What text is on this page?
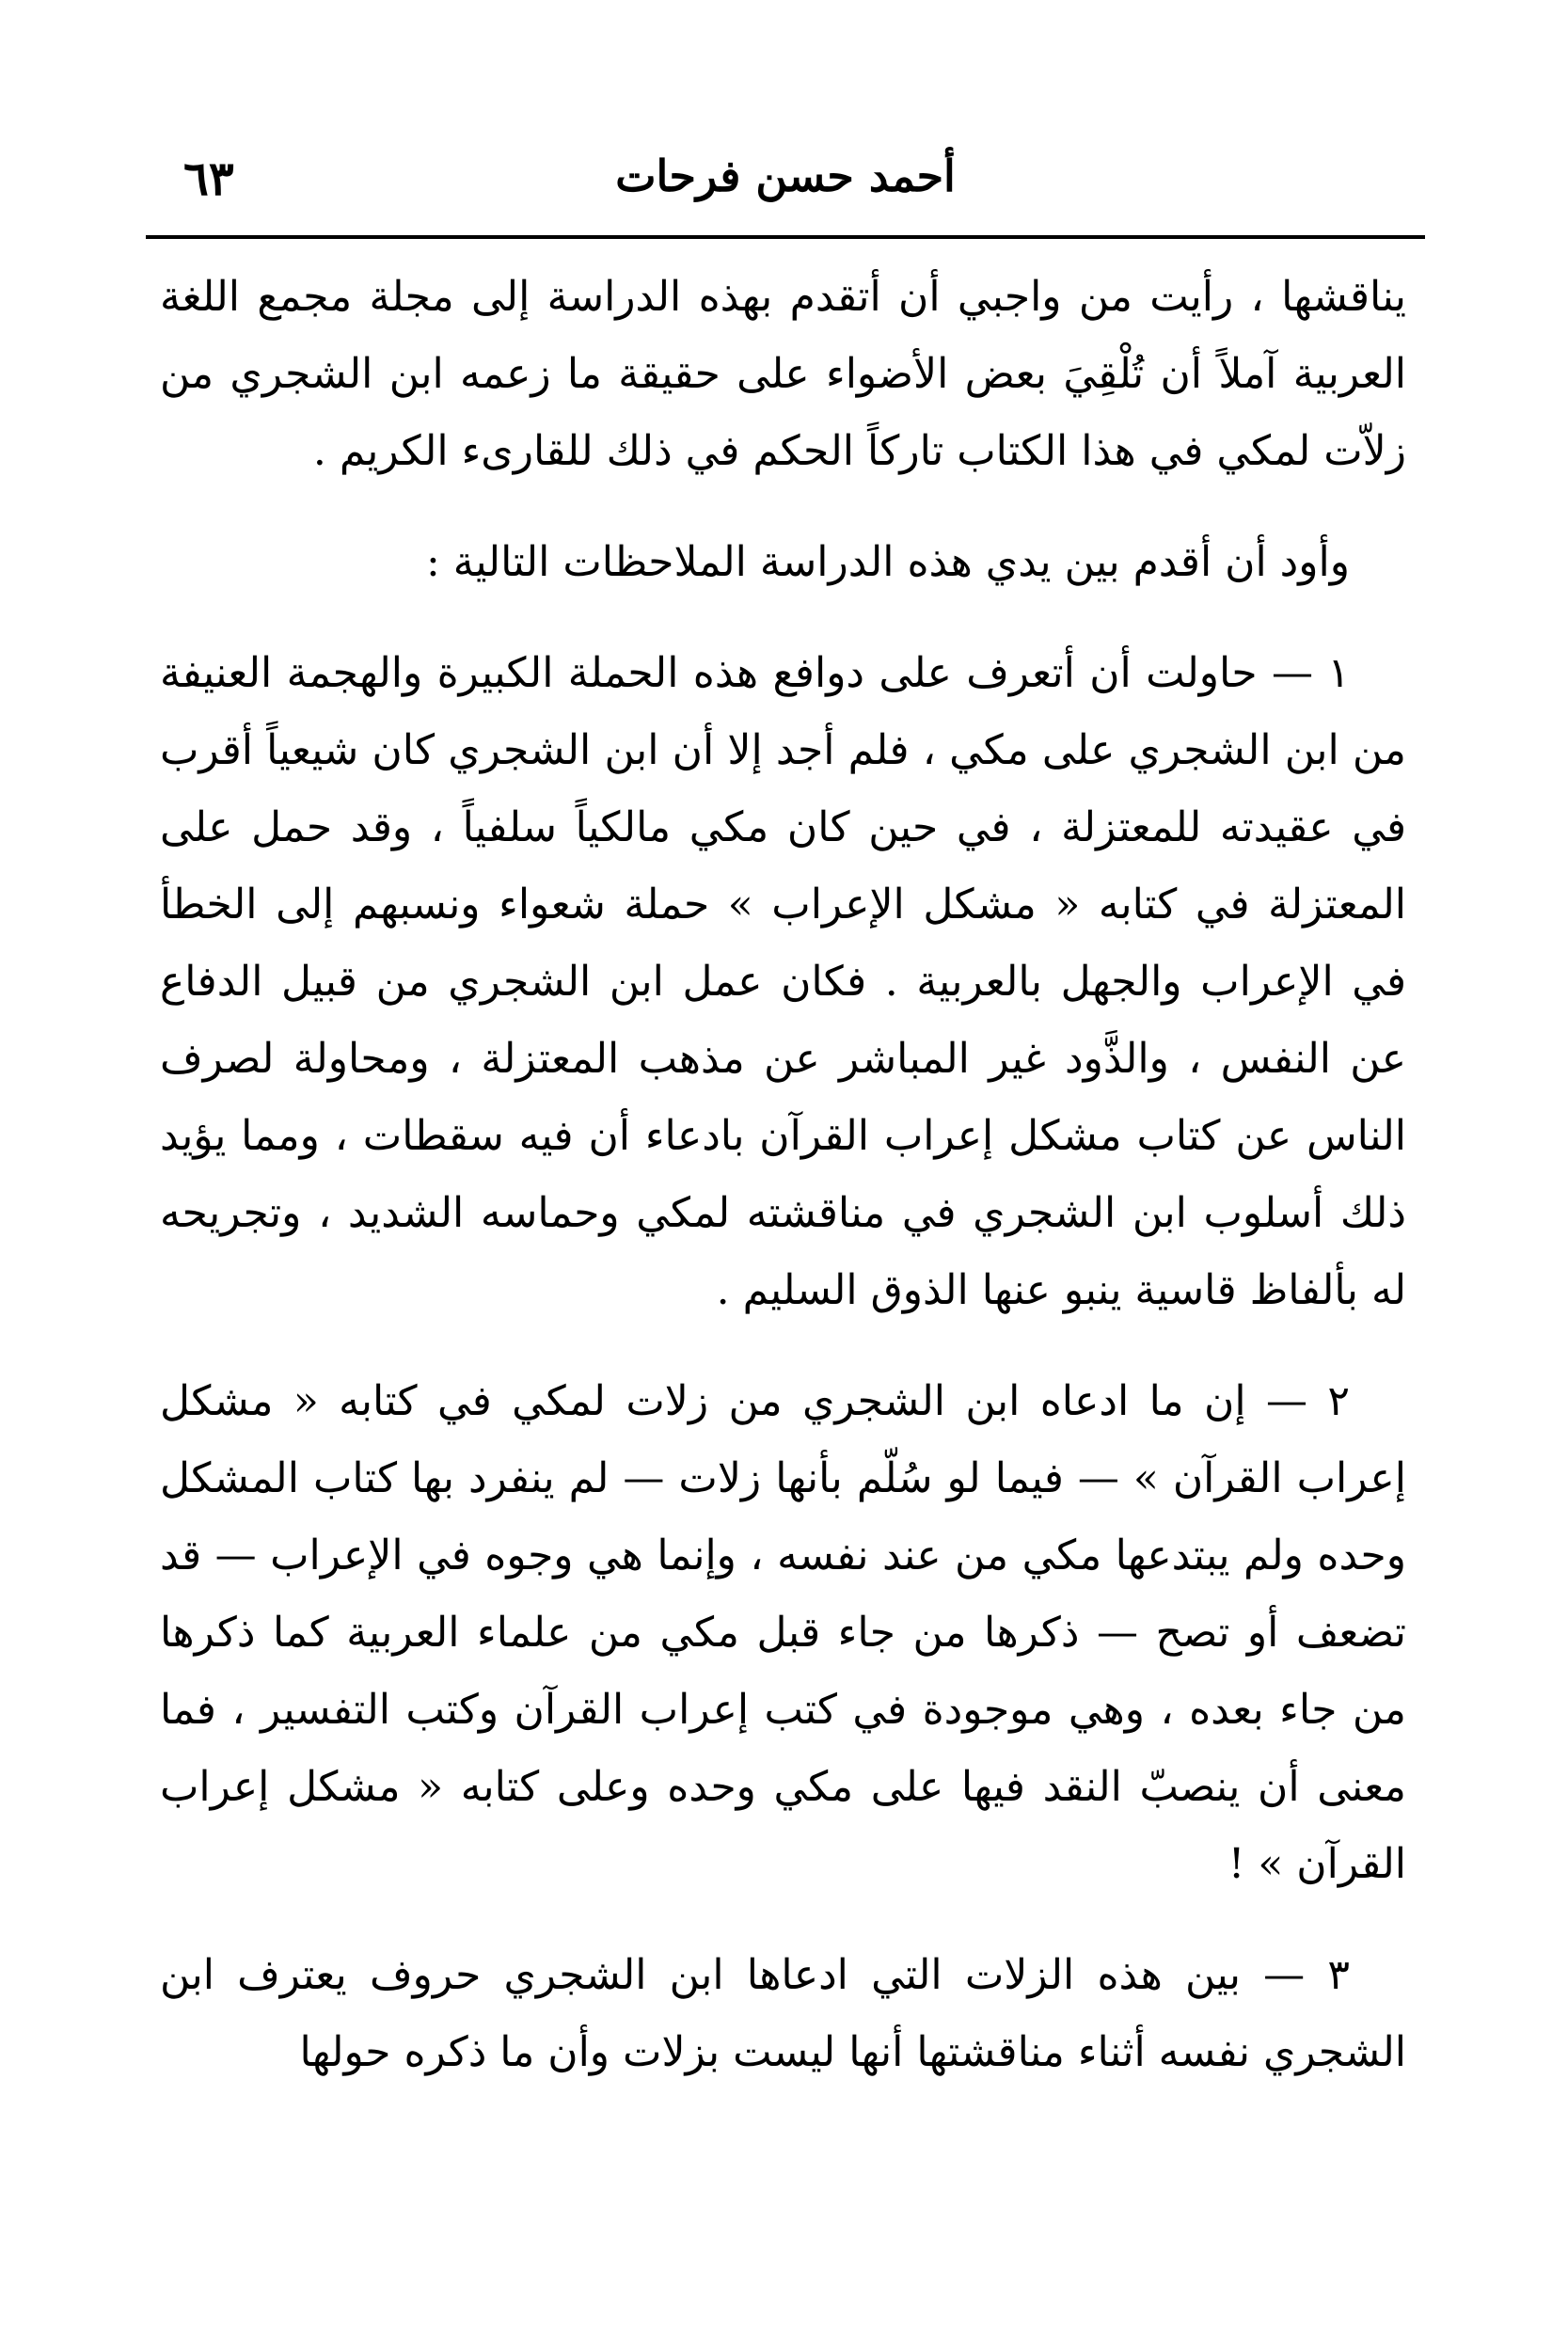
أحمد حسن فرحات
٦٣

يناقشها ، رأيت من واجبي أن أتقدم بهذه الدراسة إلى مجلة مجمع اللغة العربية آملاً أن تُلْقِيَ بعض الأضواء على حقيقة ما زعمه ابن الشجري من زلاّت لمكي في هذا الكتاب تاركاً الحكم في ذلك للقارىء الكريم .

وأود أن أقدم بين يدي هذه الدراسة الملاحظات التالية :

١ — حاولت أن أتعرف على دوافع هذه الحملة الكبيرة والهجمة العنيفة من ابن الشجري على مكي ، فلم أجد إلا أن ابن الشجري كان شيعياً أقرب في عقيدته للمعتزلة ، في حين كان مكي مالكياً سلفياً ، وقد حمل على المعتزلة في كتابه « مشكل الإعراب » حملة شعواء ونسبهم إلى الخطأ في الإعراب والجهل بالعربية . فكان عمل ابن الشجري من قبيل الدفاع عن النفس ، والذَّود غير المباشر عن مذهب المعتزلة ، ومحاولة لصرف الناس عن كتاب مشكل إعراب القرآن بادعاء أن فيه سقطات ، ومما يؤيد ذلك أسلوب ابن الشجري في مناقشته لمكي وحماسه الشديد ، وتجريحه له بألفاظ قاسية ينبو عنها الذوق السليم .

٢ — إن ما ادعاه ابن الشجري من زلات لمكي في كتابه « مشكل إعراب القرآن » — فيما لو سُلّم بأنها زلات — لم ينفرد بها كتاب المشكل وحده ولم يبتدعها مكي من عند نفسه ، وإنما هي وجوه في الإعراب — قد تضعف أو تصح — ذكرها من جاء قبل مكي من علماء العربية كما ذكرها من جاء بعده ، وهي موجودة في كتب إعراب القرآن وكتب التفسير ، فما معنى أن ينصبّ النقد فيها على مكي وحده وعلى كتابه « مشكل إعراب القرآن » !

٣ — بين هذه الزلات التي ادعاها ابن الشجري حروف يعترف ابن الشجري نفسه أثناء مناقشتها أنها ليست بزلات وأن ما ذكره حولها
